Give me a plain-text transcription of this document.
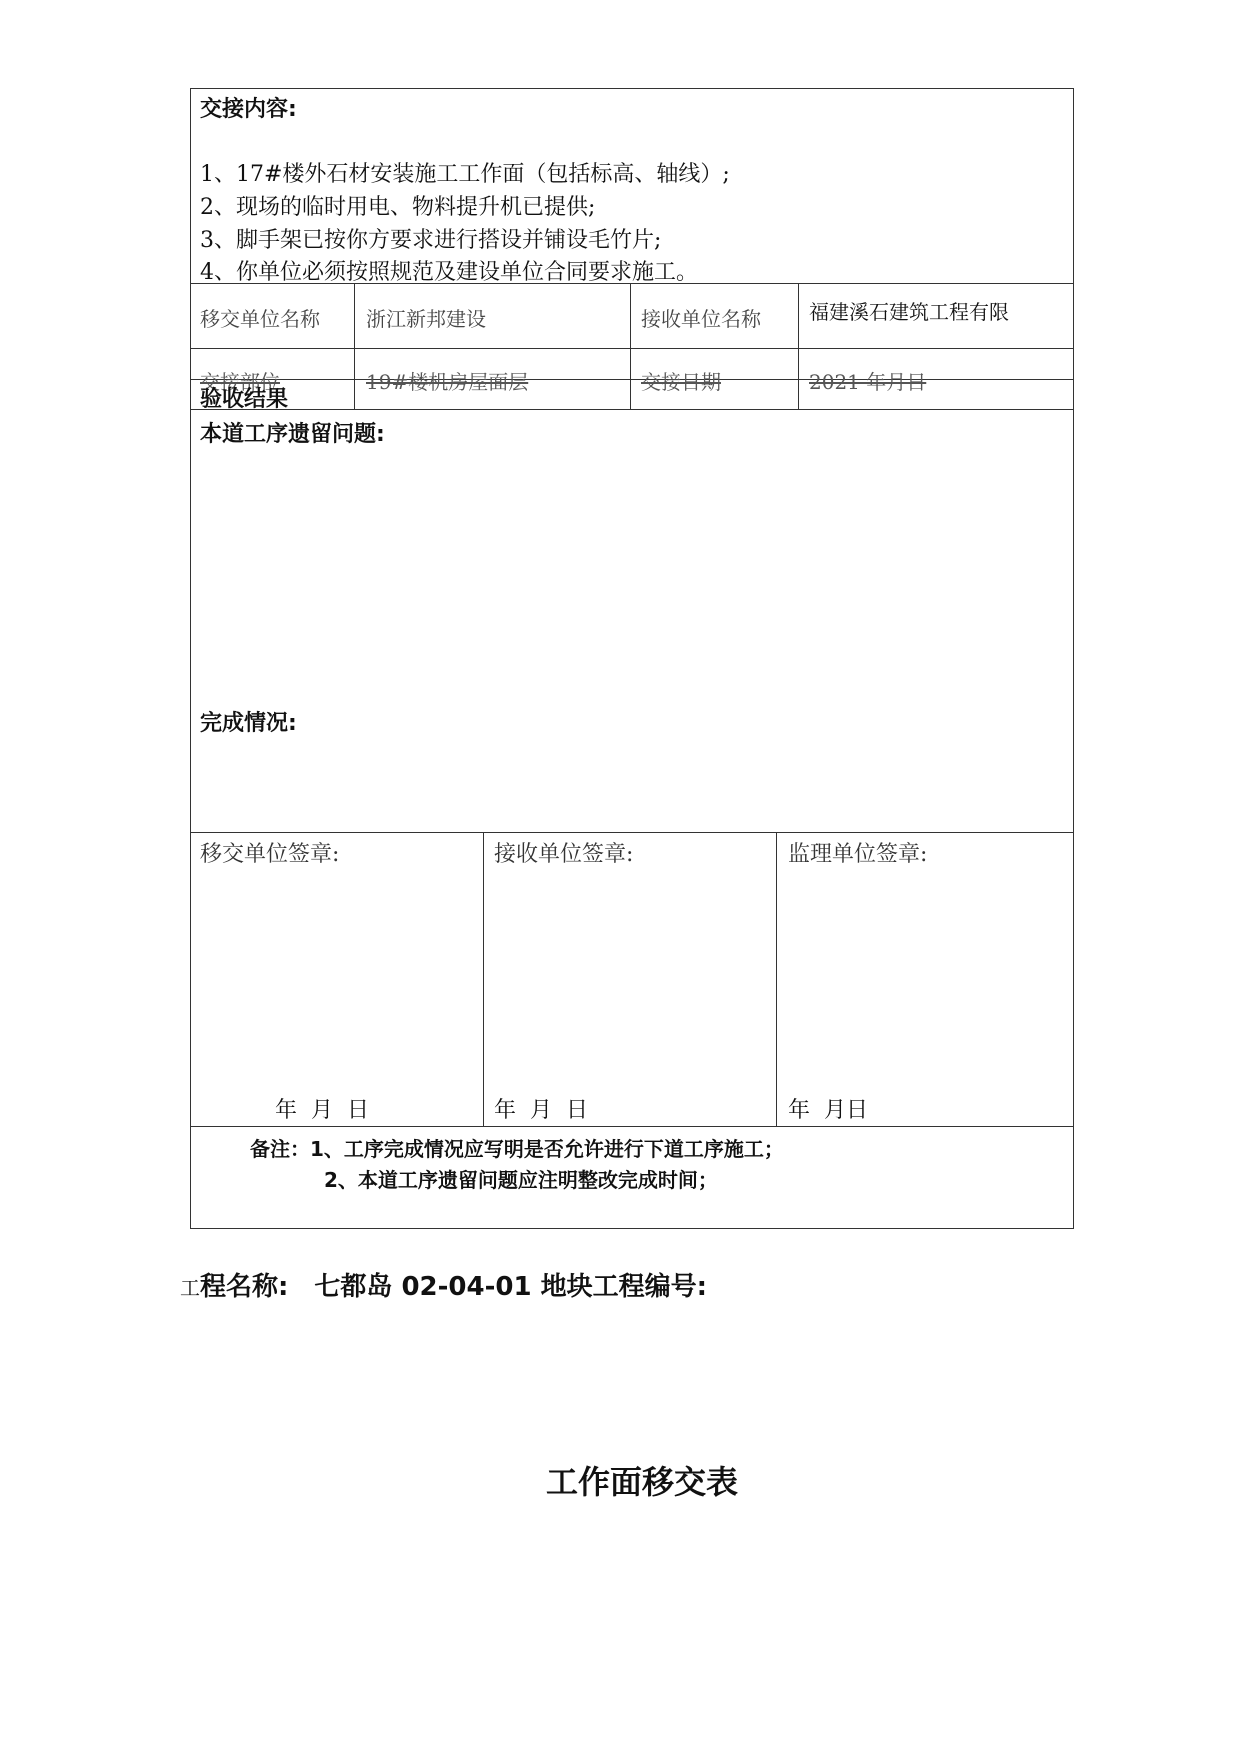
交接内容:
1、17#楼外石材安装施工工作面（包括标高、轴线）;
2、现场的临时用电、物料提升机已提供;
3、脚手架已按你方要求进行搭设并铺设毛竹片;
4、你单位必须按照规范及建设单位合同要求施工。
移交单位名称 浙江新邦建设	接收单位名称 福建溪石建筑工程有限
交接部位	19#楼机房屋面层	交接日期	2021 年月日
验收结果
本道工序遗留问题:
完成情况:
移交单位签章:	接收单位签章:	监理单位签章:
年 月 日	年 月 日	年 月日
备注：1、工序完成情况应写明是否允许进行下道工序施工；
2、本道工序遗留问题应注明整改完成时间；
工程名称:　七都岛 02-04-01 地块工程编号:
工作面移交表
